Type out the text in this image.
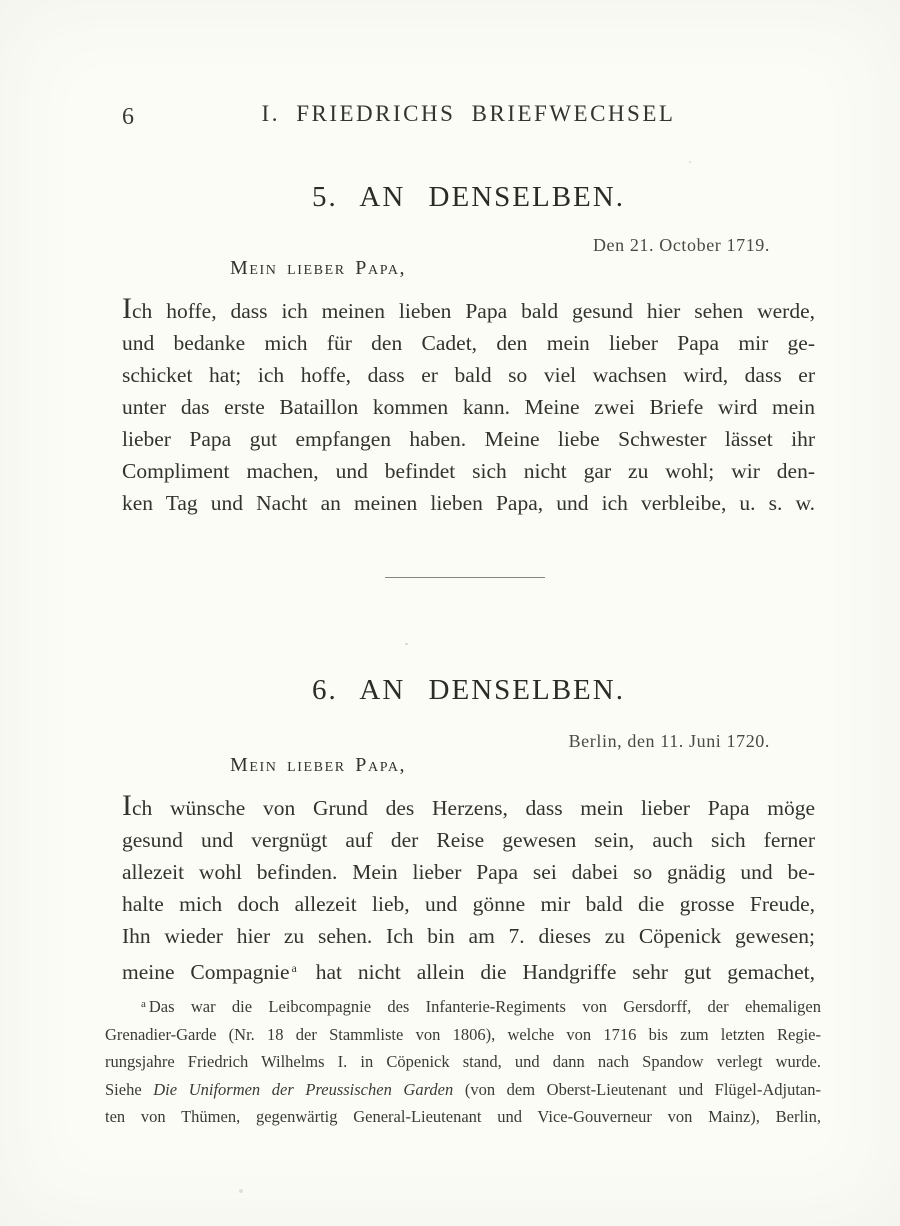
6	I. FRIEDRICHS BRIEFWECHSEL
5. AN DENSELBEN.
Den 21. October 1719.
Mein lieber Papa,
Ich hoffe, dass ich meinen lieben Papa bald gesund hier sehen werde,
und bedanke mich für den Cadet, den mein lieber Papa mir ge-
schicket hat; ich hoffe, dass er bald so viel wachsen wird, dass er
unter das erste Bataillon kommen kann. Meine zwei Briefe wird mein
lieber Papa gut empfangen haben. Meine liebe Schwester lässet ihr
Compliment machen, und befindet sich nicht gar zu wohl; wir den-
ken Tag und Nacht an meinen lieben Papa, und ich verbleibe, u. s. w.
6. AN DENSELBEN.
Berlin, den 11. Juni 1720.
Mein lieber Papa,
Ich wünsche von Grund des Herzens, dass mein lieber Papa möge
gesund und vergnügt auf der Reise gewesen sein, auch sich ferner
allezeit wohl befinden. Mein lieber Papa sei dabei so gnädig und be-
halte mich doch allezeit lieb, und gönne mir bald die grosse Freude,
Ihn wieder hier zu sehen. Ich bin am 7. dieses zu Cöpenick gewesen;
meine Compagnie $^a$ hat nicht allein die Handgriffe sehr gut gemachet,
$^a$ Das war die Leibcompagnie des Infanterie-Regiments von Gersdorff, der ehemaligen
Grenadier-Garde (Nr. 18 der Stammliste von 1806), welche von 1716 bis zum letzten Regie-
rungsjahre Friedrich Wilhelms I. in Cöpenick stand, und dann nach Spandow verlegt wurde.
Siehe Die Uniformen der Preussischen Garden (von dem Oberst-Lieutenant und Flügel-Adjutan-
ten von Thümen, gegenwärtig General-Lieutenant und Vice-Gouverneur von Mainz), Berlin,
